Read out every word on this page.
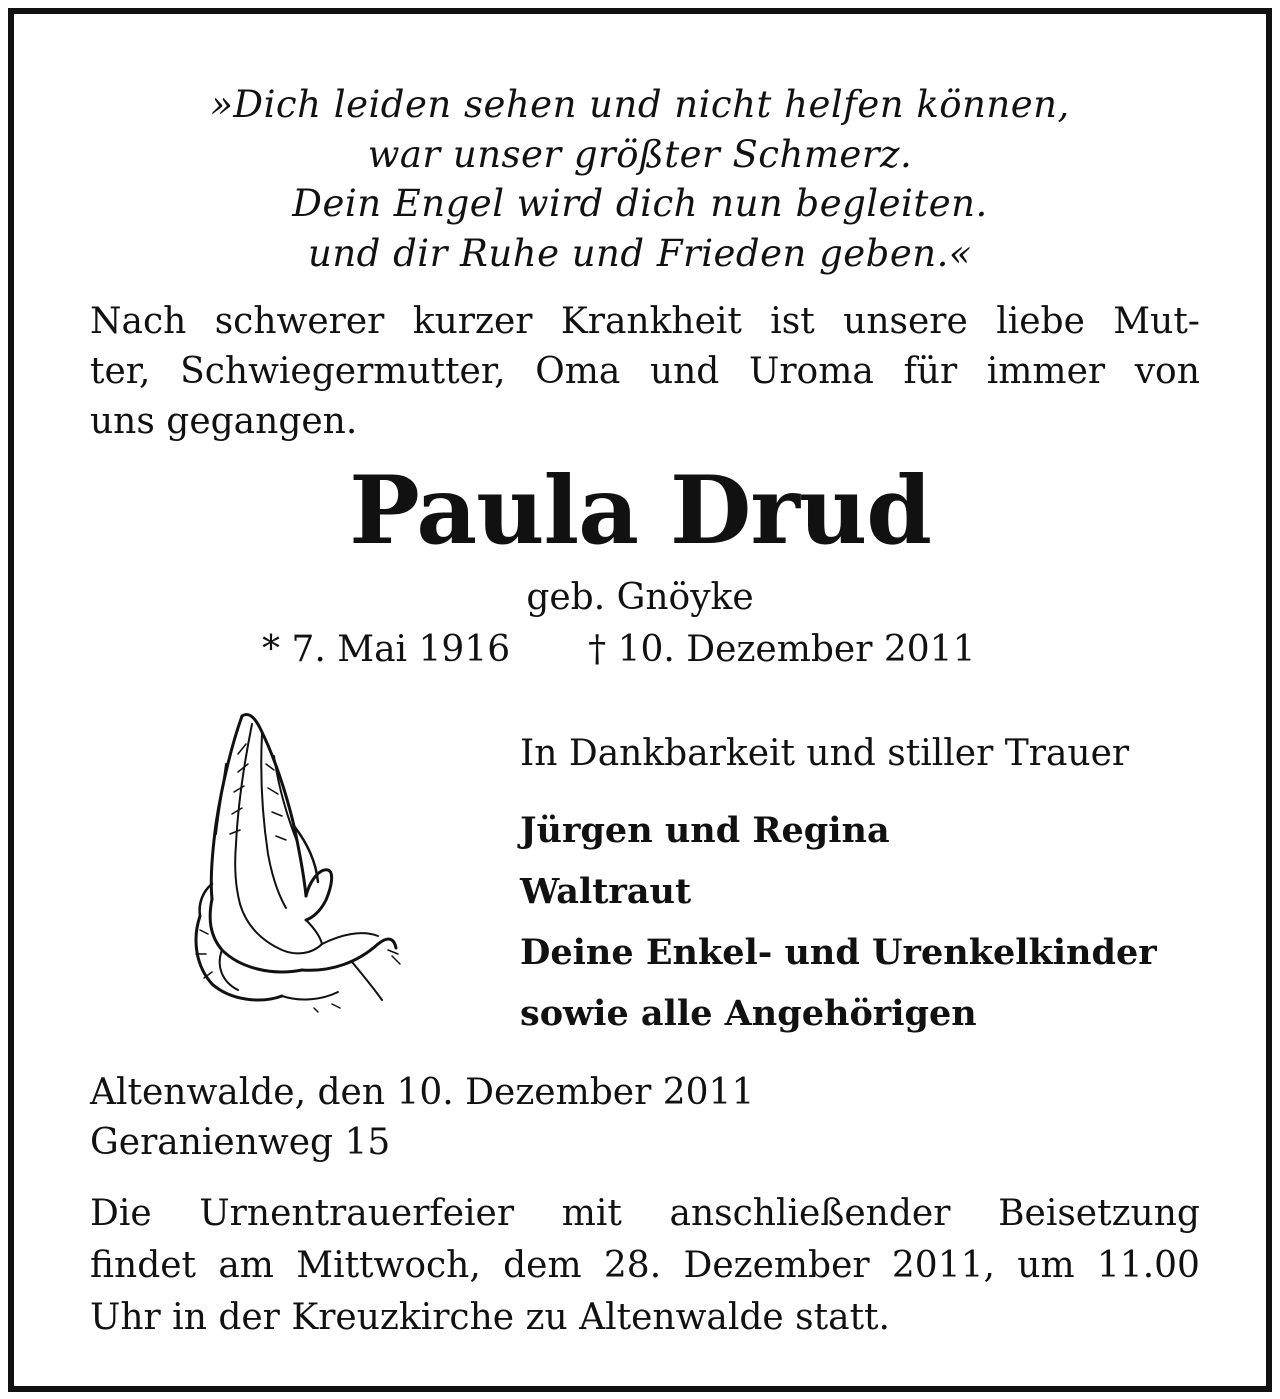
»Dich leiden sehen und nicht helfen können,
war unser größter Schmerz.
Dein Engel wird dich nun begleiten.
und dir Ruhe und Frieden geben.«
Nach schwerer kurzer Krankheit ist unsere liebe Mut-
ter, Schwiegermutter, Oma und Uroma für immer von
uns gegangen.
Paula Drud
geb. Gnöyke
* 7. Mai 1916 † 10. Dezember 2011
In Dankbarkeit und stiller Trauer
Jürgen und Regina
Waltraut
Deine Enkel- und Urenkelkinder
sowie alle Angehörigen
Altenwalde, den 10. Dezember 2011
Geranienweg 15
Die Urnentrauerfeier mit anschließender Beisetzung
findet am Mittwoch, dem 28. Dezember 2011, um 11.00
Uhr in der Kreuzkirche zu Altenwalde statt.
